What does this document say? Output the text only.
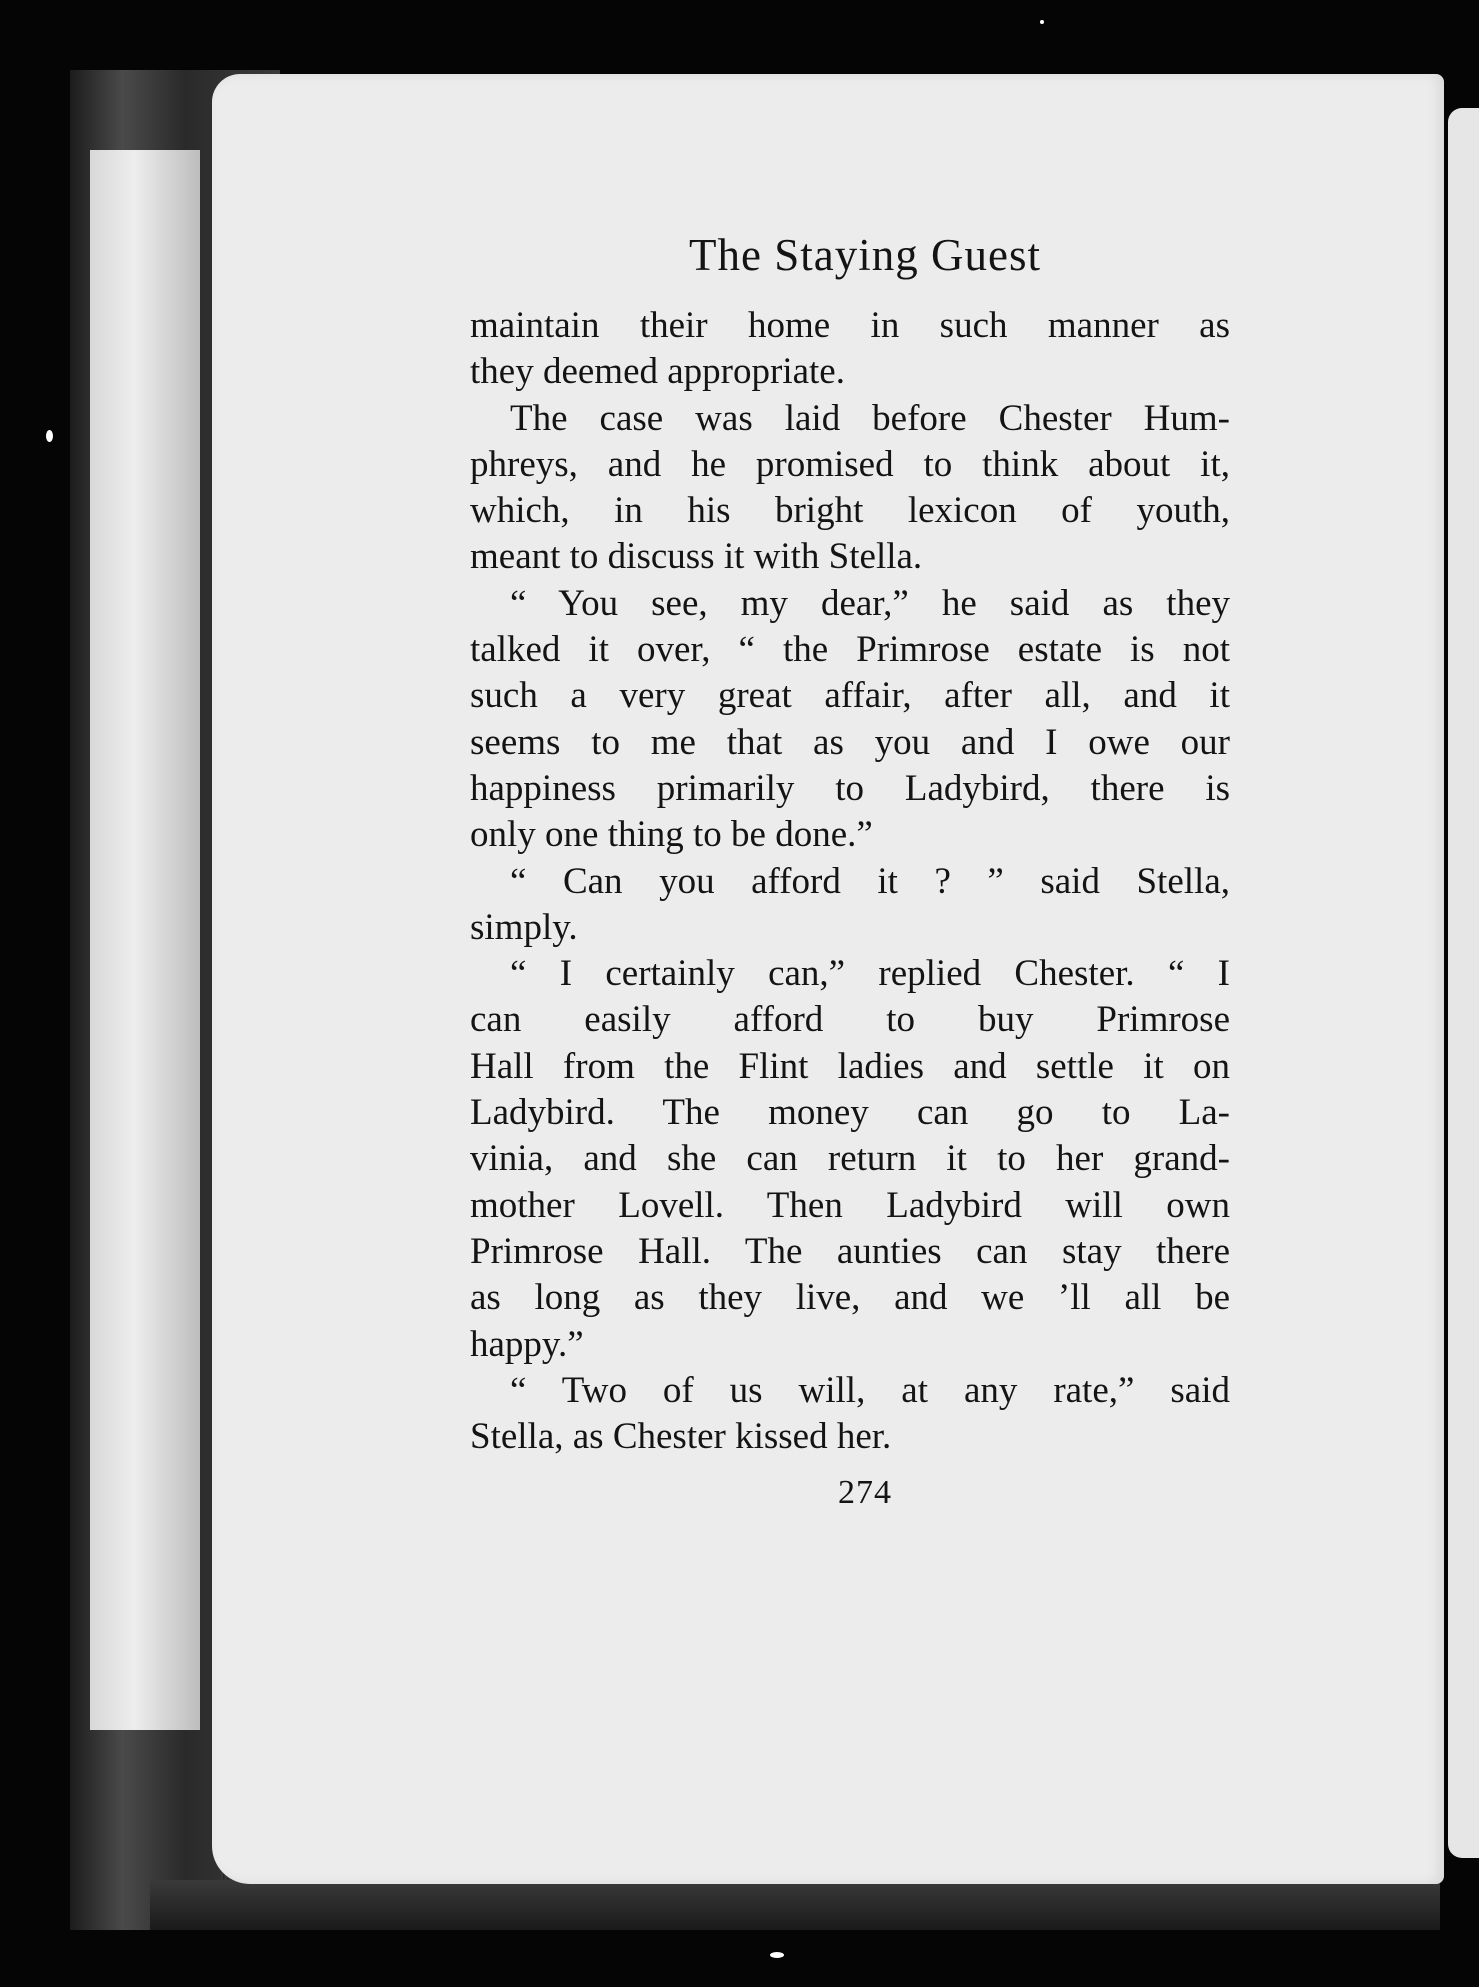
The Staying Guest
maintain their home in such manner as
they deemed appropriate.
The case was laid before Chester Hum-
phreys, and he promised to think about it,
which, in his bright lexicon of youth,
meant to discuss it with Stella.
“ You see, my dear,” he said as they
talked it over, “ the Primrose estate is not
such a very great affair, after all, and it
seems to me that as you and I owe our
happiness primarily to Ladybird, there is
only one thing to be done.”
“ Can you afford it ? ” said Stella,
simply.
“ I certainly can,” replied Chester. “ I
can easily afford to buy Primrose
Hall from the Flint ladies and settle it on
Ladybird. The money can go to La-
vinia, and she can return it to her grand-
mother Lovell. Then Ladybird will own
Primrose Hall. The aunties can stay there
as long as they live, and we ’ll all be
happy.”
“ Two of us will, at any rate,” said
Stella, as Chester kissed her.
274
